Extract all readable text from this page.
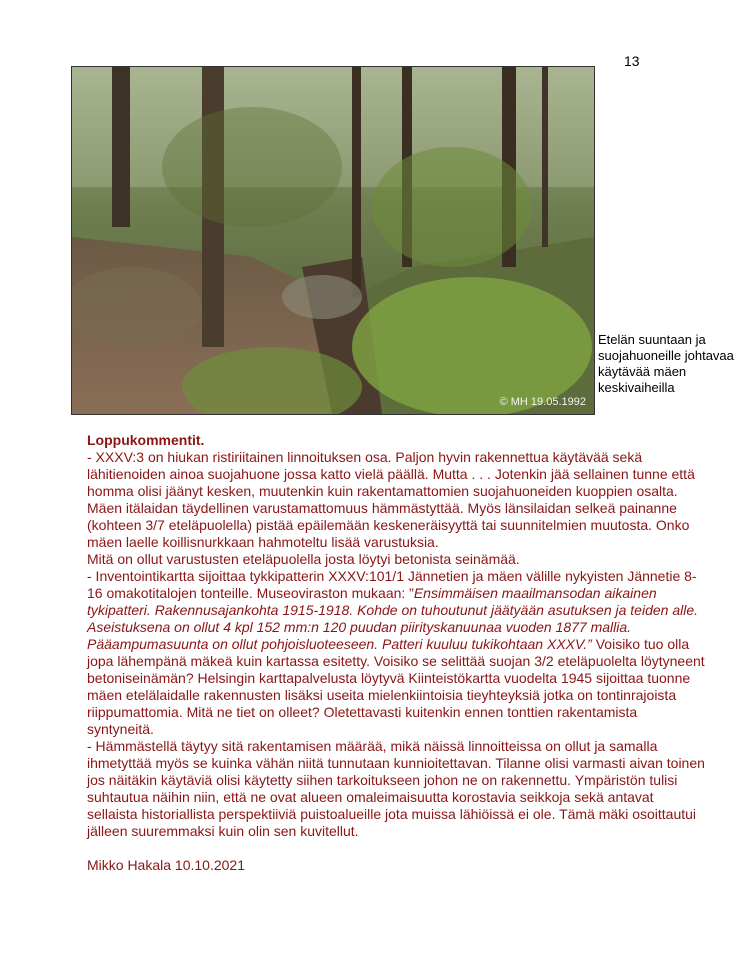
13
© MH 19.05.1992
Etelän suuntaan ja suojahuoneille johtavaa käytävää mäen keskivaiheilla

Loppukommentit.

- XXXV:3 on hiukan ristiriitainen linnoituksen osa. Paljon hyvin rakennettua käytävää sekä lähitienoiden ainoa suojahuone jossa katto vielä päällä. Mutta . . . Jotenkin jää sellainen tunne että homma olisi jäänyt kesken, muutenkin kuin rakentamattomien suojahuoneiden kuoppien osalta. Mäen itälaidan täydellinen varustamattomuus hämmästyttää. Myös länsilaidan selkeä painanne (kohteen 3/7 eteläpuolella) pistää epäilemään keskeneräisyyttä tai suunnitelmien muutosta. Onko mäen laelle koillisnurkkaan hahmoteltu lisää varustuksia.

Mitä on ollut varustusten eteläpuolella josta löytyi betonista seinämää.

- Inventointikartta sijoittaa tykkipatterin XXXV:101/1 Jännetien ja mäen välille nykyisten Jännetie 8-16 omakotitalojen tonteille. Museoviraston mukaan: ”Ensimmäisen maailmansodan aikainen tykipatteri. Rakennusajankohta 1915-1918. Kohde on tuhoutunut jäätyään asutuksen ja teiden alle. Aseistuksena on ollut 4 kpl 152 mm:n 120 puudan piirityskanuunaa vuoden 1877 mallia. Pääampumasuunta on ollut pohjoisluoteeseen. Patteri kuuluu tukikohtaan XXXV.” Voisiko tuo olla jopa lähempänä mäkeä kuin kartassa esitetty. Voisiko se selittää suojan 3/2 eteläpuolelta löytyneent betoniseinämän? Helsingin karttapalvelusta löytyvä Kiinteistökartta vuodelta 1945 sijoittaa tuonne mäen etelälaidalle rakennusten lisäksi useita mielenkiintoisia tieyhteyksiä jotka on tontinrajoista riippumattomia. Mitä ne tiet on olleet? Oletettavasti kuitenkin ennen tonttien rakentamista syntyneitä.

- Hämmästellä täytyy sitä rakentamisen määrää, mikä näissä linnoitteissa on ollut ja samalla ihmetyttää myös se kuinka vähän niitä tunnutaan kunnioitettavan. Tilanne olisi varmasti aivan toinen jos näitäkin käytäviä olisi käytetty siihen tarkoitukseen johon ne on rakennettu. Ympäristön tulisi suhtautua näihin niin, että ne ovat alueen omaleimaisuutta korostavia seikkoja sekä antavat sellaista historiallista perspektiiviä puistoalueille jota muissa lähiöissä ei ole. Tämä mäki osoittautui jälleen suuremmaksi kuin olin sen kuvitellut.

Mikko Hakala 10.10.2021
